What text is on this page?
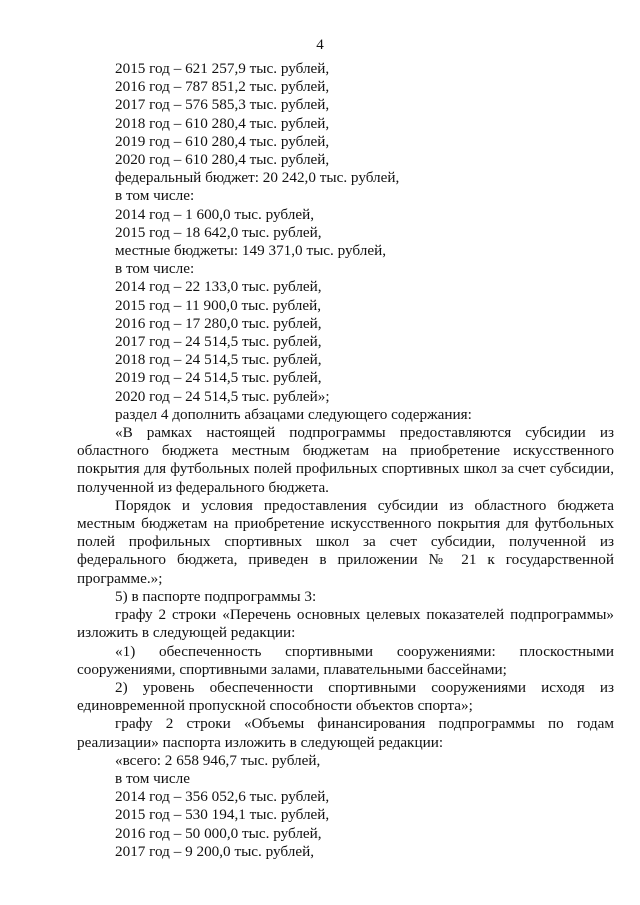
4
2015 год – 621 257,9 тыс. рублей,
2016 год – 787 851,2 тыс. рублей,
2017 год – 576 585,3 тыс. рублей,
2018 год – 610 280,4 тыс. рублей,
2019 год – 610 280,4 тыс. рублей,
2020 год – 610 280,4 тыс. рублей,
федеральный бюджет: 20 242,0 тыс. рублей,
в том числе:
2014 год – 1 600,0 тыс. рублей,
2015 год – 18 642,0 тыс. рублей,
местные бюджеты: 149 371,0 тыс. рублей,
в том числе:
2014 год – 22 133,0 тыс. рублей,
2015 год – 11 900,0 тыс. рублей,
2016 год – 17 280,0 тыс. рублей,
2017 год – 24 514,5 тыс. рублей,
2018 год – 24 514,5 тыс. рублей,
2019 год – 24 514,5 тыс. рублей,
2020 год – 24 514,5 тыс. рублей»;
раздел 4 дополнить абзацами следующего содержания:

«В рамках настоящей подпрограммы предоставляются субсидии из областного бюджета местным бюджетам на приобретение искусственного покрытия для футбольных полей профильных спортивных школ за счет субсидии, полученной из федерального бюджета.

Порядок и условия предоставления субсидии из областного бюджета местным бюджетам на приобретение искусственного покрытия для футбольных полей профильных спортивных школ за счет субсидии, полученной из федерального бюджета, приведен в приложении № 21 к государственной программе.»;

5) в паспорте подпрограммы 3:

графу 2 строки «Перечень основных целевых показателей подпрограммы» изложить в следующей редакции:

«1) обеспеченность спортивными сооружениями: плоскостными сооружениями, спортивными залами, плавательными бассейнами;

2) уровень обеспеченности спортивными сооружениями исходя из единовременной пропускной способности объектов спорта»;

графу 2 строки «Объемы финансирования подпрограммы по годам реализации» паспорта изложить в следующей редакции:

«всего: 2 658 946,7 тыс. рублей,
в том числе
2014 год – 356 052,6 тыс. рублей,
2015 год – 530 194,1 тыс. рублей,
2016 год – 50 000,0 тыс. рублей,
2017 год – 9 200,0 тыс. рублей,
